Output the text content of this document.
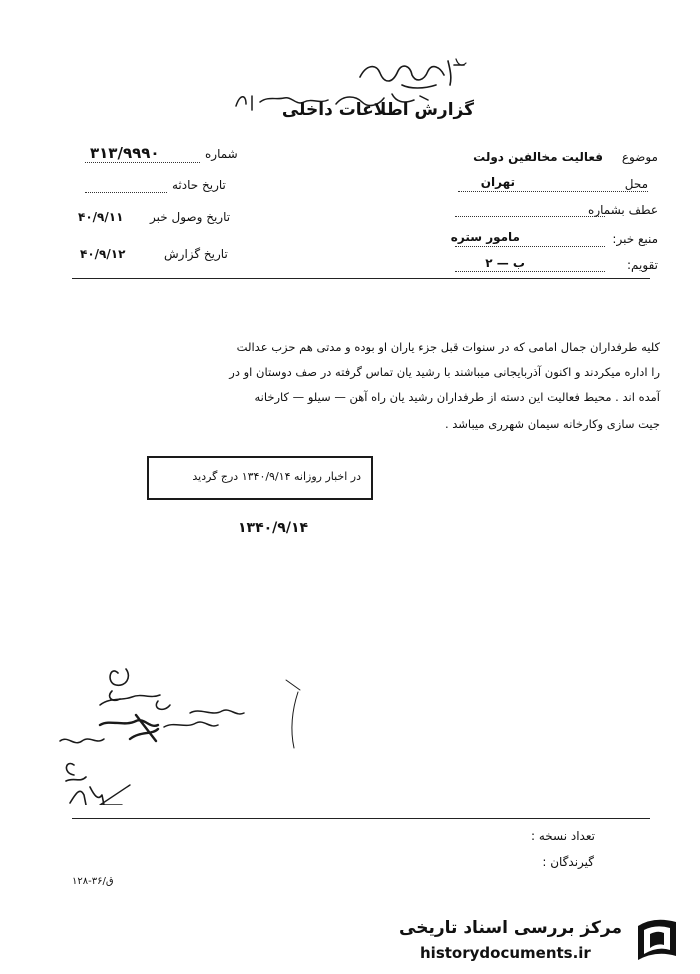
گزارش اطلاعات داخلی
شماره
۳۱۳/۹۹۹۰
تاریخ حادثه
تاریخ وصول خبر
۴۰/۹/۱۱
تاریخ گزارش
۴۰/۹/۱۲
موضوع
فعالیت مخالفین دولت
محل
تهران
عطف بشماره
منبع خبر:
مامور ستره
تقویم:
ب — ۲
کلیه طرفداران جمال امامی که در سنوات قبل جزء یاران او بوده و مدتی هم حزب عدالت
را اداره میکردند و اکنون آذربایجانی میباشند با رشید یان تماس گرفته در صف دوستان او در
آمده اند . محیط فعالیت این دسته از طرفداران رشید یان راه آهن — سیلو — کارخانه
جیت سازی وکارخانه سیمان شهرری میباشد .
در اخبار روزانه ۱۳۴۰/۹/۱۴ درج گردید
۱۳۴۰/۹/۱۴
تعداد نسخه :
گیرندگان :
۱۲۸-۳۶/ق
مرکز بررسی اسناد تاریخی
historydocuments.ir
